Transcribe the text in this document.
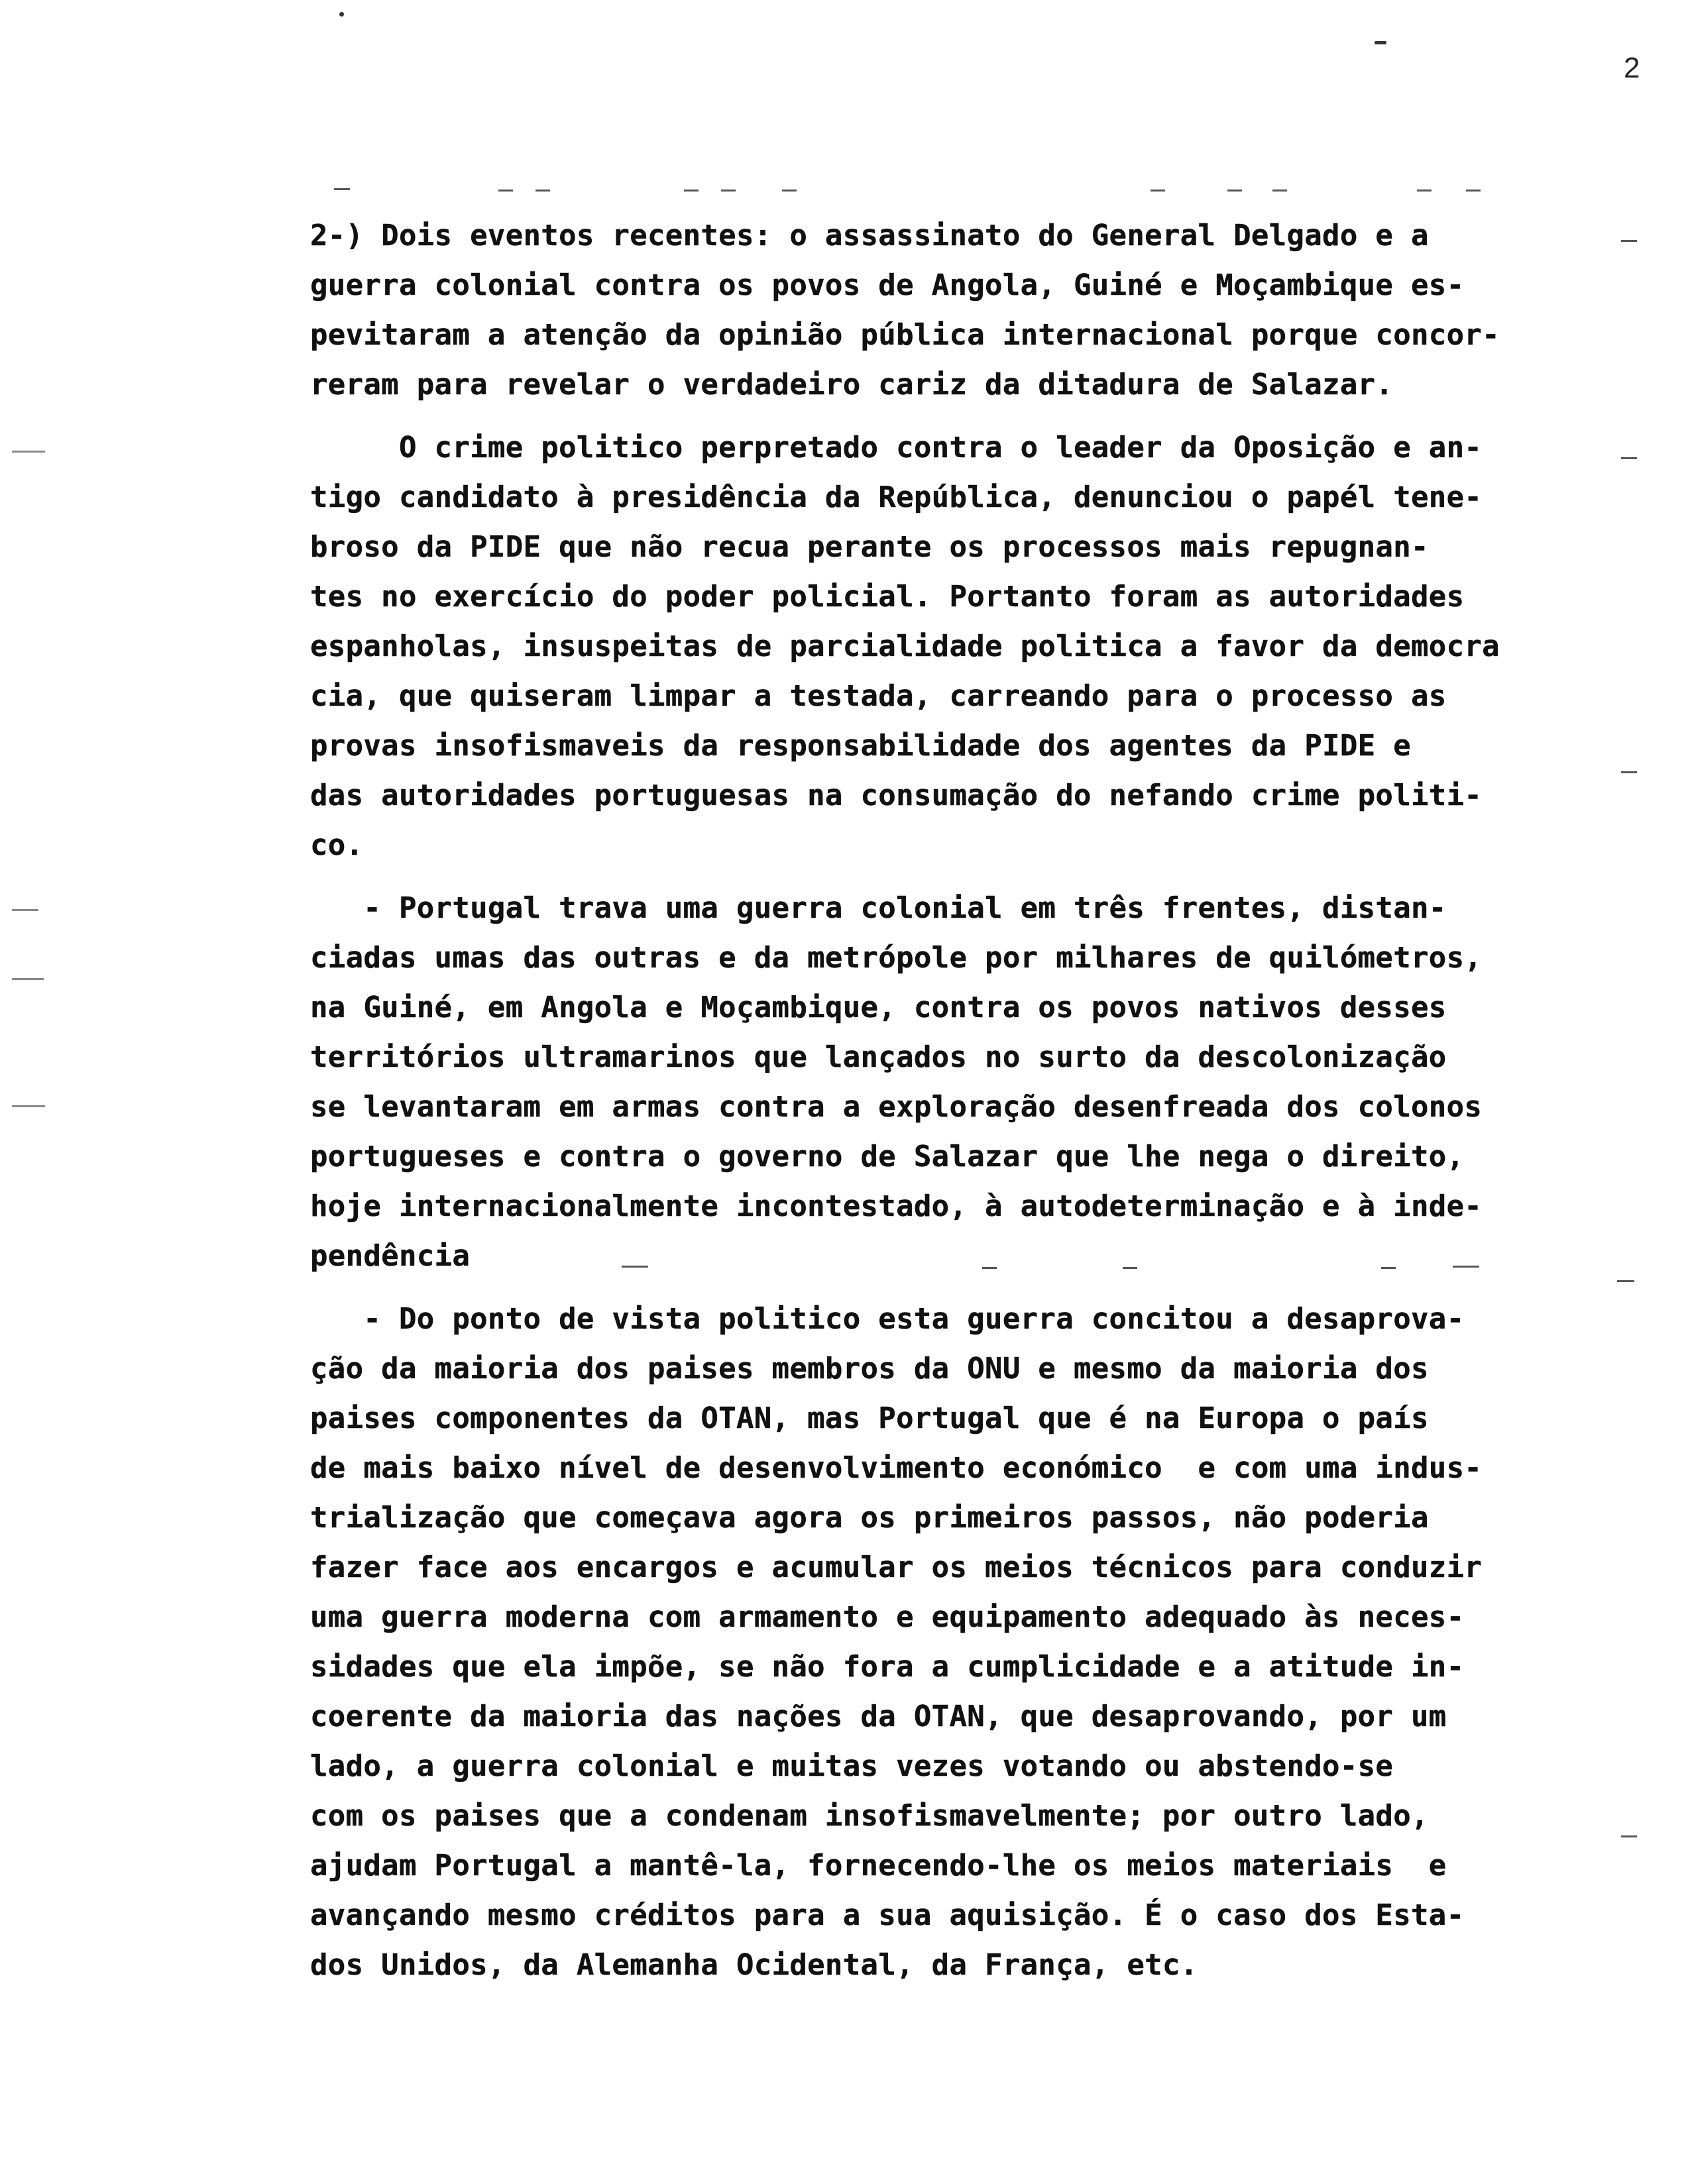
2
2-) Dois eventos recentes: o assassinato do General Delgado e a
guerra colonial contra os povos de Angola, Guiné e Moçambique es-
pevitaram a atenção da opinião pública internacional porque concor-
reram para revelar o verdadeiro cariz da ditadura de Salazar.
O crime politico perpretado contra o leader da Oposição e an-
tigo candidato à presidência da República, denunciou o papél tene-
broso da PIDE que não recua perante os processos mais repugnan-
tes no exercício do poder policial. Portanto foram as autoridades
espanholas, insuspeitas de parcialidade politica a favor da democra
cia, que quiseram limpar a testada, carreando para o processo as
provas insofismaveis da responsabilidade dos agentes da PIDE e
das autoridades portuguesas na consumação do nefando crime politi-
co.
- Portugal trava uma guerra colonial em três frentes, distan-
ciadas umas das outras e da metrópole por milhares de quilómetros,
na Guiné, em Angola e Moçambique, contra os povos nativos desses
territórios ultramarinos que lançados no surto da descolonização
se levantaram em armas contra a exploração desenfreada dos colonos
portugueses e contra o governo de Salazar que lhe nega o direito,
hoje internacionalmente incontestado, à autodeterminação e à inde-
pendência
- Do ponto de vista politico esta guerra concitou a desaprova-
ção da maioria dos paises membros da ONU e mesmo da maioria dos
paises componentes da OTAN, mas Portugal que é na Europa o país
de mais baixo nível de desenvolvimento económico  e com uma indus-
trialização que começava agora os primeiros passos, não poderia
fazer face aos encargos e acumular os meios técnicos para conduzir
uma guerra moderna com armamento e equipamento adequado às neces-
sidades que ela impõe, se não fora a cumplicidade e a atitude in-
coerente da maioria das nações da OTAN, que desaprovando, por um
lado, a guerra colonial e muitas vezes votando ou abstendo-se
com os paises que a condenam insofismavelmente; por outro lado,
ajudam Portugal a mantê-la, fornecendo-lhe os meios materiais  e
avançando mesmo créditos para a sua aquisição. É o caso dos Esta-
dos Unidos, da Alemanha Ocidental, da França, etc.
